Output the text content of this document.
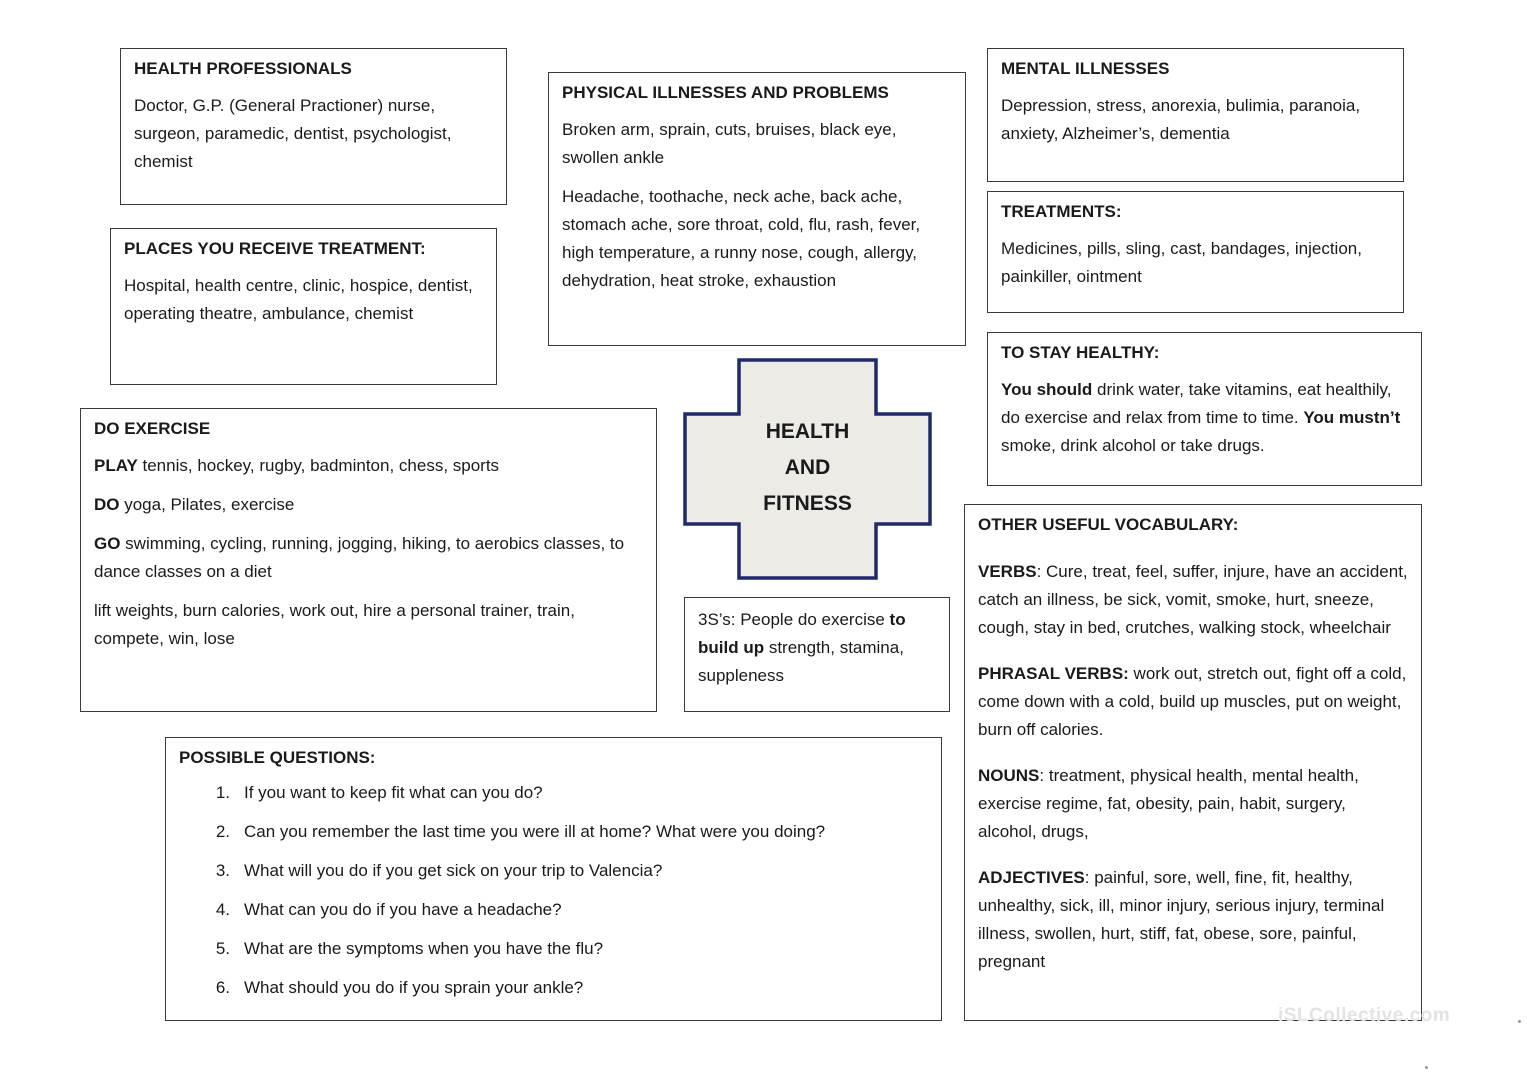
HEALTH PROFESSIONALS

Doctor, G.P. (General Practioner) nurse, surgeon, paramedic, dentist, psychologist, chemist

PLACES YOU RECEIVE TREATMENT:

Hospital, health centre, clinic, hospice, dentist, operating theatre, ambulance, chemist

PHYSICAL ILLNESSES AND PROBLEMS

Broken arm, sprain, cuts, bruises, black eye, swollen ankle

Headache, toothache, neck ache, back ache, stomach ache, sore throat, cold, flu, rash, fever, high temperature, a runny nose, cough, allergy, dehydration, heat stroke, exhaustion

MENTAL ILLNESSES

Depression, stress, anorexia, bulimia, paranoia, anxiety, Alzheimer’s, dementia

TREATMENTS:

Medicines, pills, sling, cast, bandages, injection, painkiller, ointment

TO STAY HEALTHY:

You should drink water, take vitamins, eat healthily, do exercise and relax from time to time. You mustn’t smoke, drink alcohol or take drugs.

HEALTH
AND
FITNESS
DO EXERCISE

PLAY tennis, hockey, rugby, badminton, chess, sports

DO yoga, Pilates, exercise

GO swimming, cycling, running, jogging, hiking, to aerobics classes, to dance classes on a diet

lift weights, burn calories, work out, hire a personal trainer, train, compete, win, lose

3S’s: People do exercise to build up strength, stamina, suppleness

POSSIBLE QUESTIONS:
1. If you want to keep fit what can you do?
2. Can you remember the last time you were ill at home? What were you doing?
3. What will you do if you get sick on your trip to Valencia?
4. What can you do if you have a headache?
5. What are the symptoms when you have the flu?
6. What should you do if you sprain your ankle?
OTHER USEFUL VOCABULARY:

VERBS: Cure, treat, feel, suffer, injure, have an accident, catch an illness, be sick, vomit, smoke, hurt, sneeze, cough, stay in bed, crutches, walking stock, wheelchair

PHRASAL VERBS: work out, stretch out, fight off a cold, come down with a cold, build up muscles, put on weight, burn off calories.

NOUNS: treatment, physical health, mental health, exercise regime, fat, obesity, pain, habit, surgery, alcohol, drugs,

ADJECTIVES: painful, sore, well, fine, fit, healthy, unhealthy, sick, ill, minor injury, serious injury, terminal illness, swollen, hurt, stiff, fat, obese, sore, painful, pregnant

iSLCollective.com
